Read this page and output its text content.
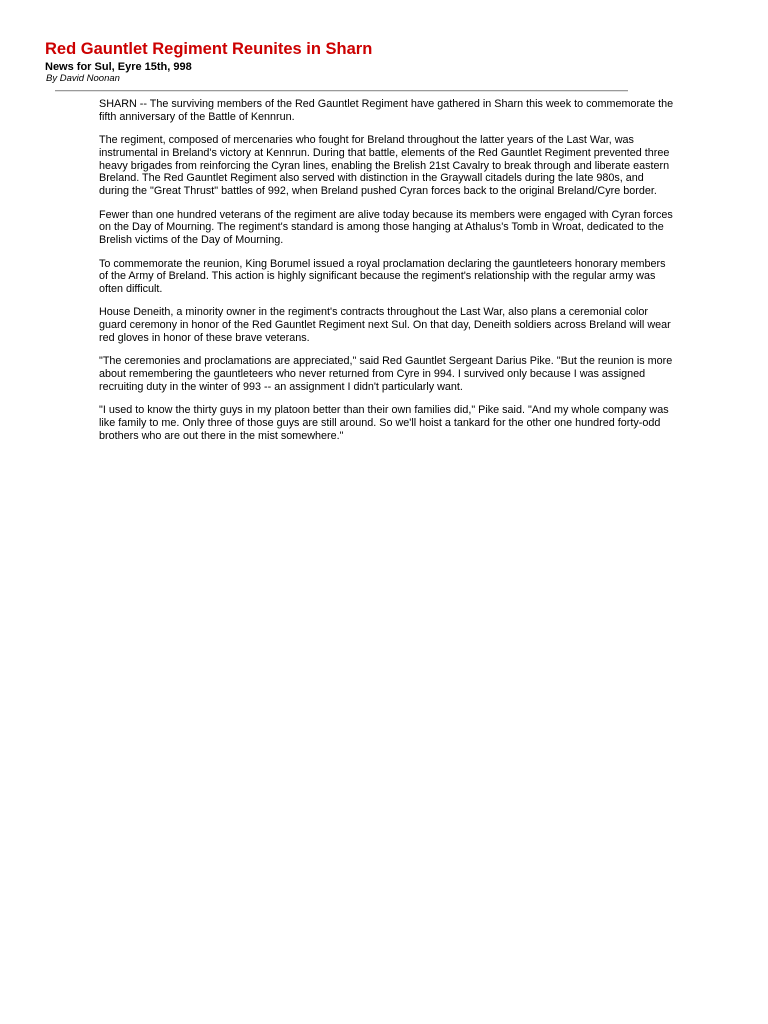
Red Gauntlet Regiment Reunites in Sharn
News for Sul, Eyre 15th, 998
By David Noonan

SHARN -- The surviving members of the Red Gauntlet Regiment have gathered in Sharn this week to commemorate the fifth anniversary of the Battle of Kennrun.

The regiment, composed of mercenaries who fought for Breland throughout the latter years of the Last War, was instrumental in Breland's victory at Kennrun. During that battle, elements of the Red Gauntlet Regiment prevented three heavy brigades from reinforcing the Cyran lines, enabling the Brelish 21st Cavalry to break through and liberate eastern Breland. The Red Gauntlet Regiment also served with distinction in the Graywall citadels during the late 980s, and during the "Great Thrust" battles of 992, when Breland pushed Cyran forces back to the original Breland/Cyre border.

Fewer than one hundred veterans of the regiment are alive today because its members were engaged with Cyran forces on the Day of Mourning. The regiment's standard is among those hanging at Athalus's Tomb in Wroat, dedicated to the Brelish victims of the Day of Mourning.

To commemorate the reunion, King Borumel issued a royal proclamation declaring the gauntleteers honorary members of the Army of Breland. This action is highly significant because the regiment's relationship with the regular army was often difficult.

House Deneith, a minority owner in the regiment's contracts throughout the Last War, also plans a ceremonial color guard ceremony in honor of the Red Gauntlet Regiment next Sul. On that day, Deneith soldiers across Breland will wear red gloves in honor of these brave veterans.

"The ceremonies and proclamations are appreciated," said Red Gauntlet Sergeant Darius Pike. "But the reunion is more about remembering the gauntleteers who never returned from Cyre in 994. I survived only because I was assigned recruiting duty in the winter of 993 -- an assignment I didn't particularly want.

"I used to know the thirty guys in my platoon better than their own families did," Pike said. "And my whole company was like family to me. Only three of those guys are still around. So we'll hoist a tankard for the other one hundred forty-odd brothers who are out there in the mist somewhere."
